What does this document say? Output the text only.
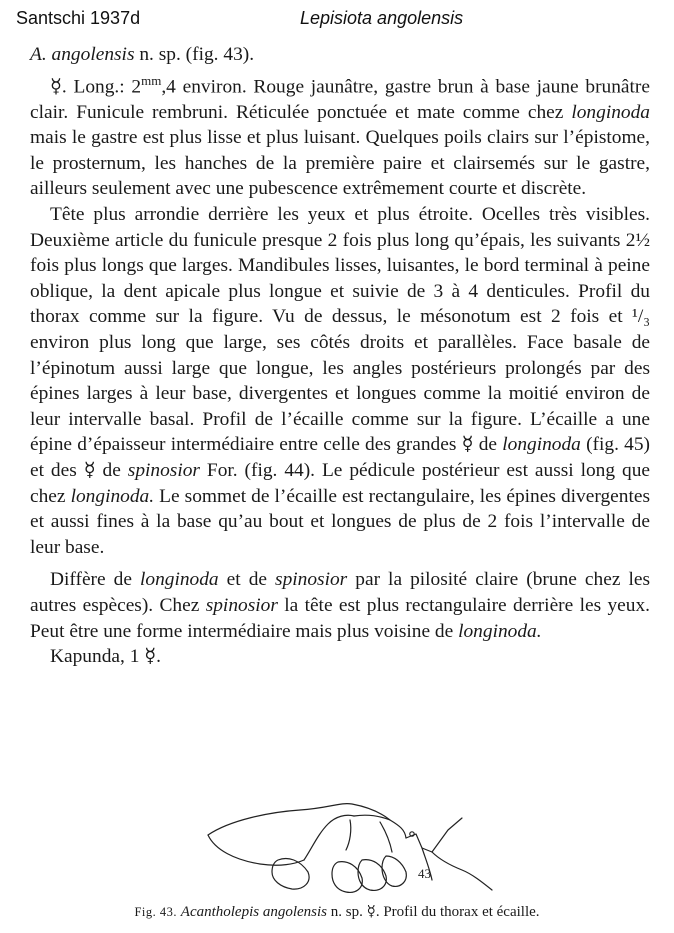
Santschi 1937d	Lepisiota angolensis

A. angolensis n. sp. (fig. 43).

☿. Long.: $2^{mm},4$ environ. Rouge jaunâtre, gastre brun à base jaune brunâtre clair. Funicule rembruni. Réticulée ponctuée et mate comme chez longinoda mais le gastre est plus lisse et plus luisant. Quelques poils clairs sur l’épistome, le prosternum, les hanches de la première paire et clairsemés sur le gastre, ailleurs seulement avec une pubescence extrêmement courte et discrète.

Tête plus arrondie derrière les yeux et plus étroite. Ocelles très visibles. Deuxième article du funicule presque 2 fois plus long qu’épais, les suivants 2½ fois plus longs que larges. Mandibules lisses, luisantes, le bord terminal à peine oblique, la dent apicale plus longue et suivie de 3 à 4 denticules. Profil du thorax comme sur la figure. Vu de dessus, le mésonotum est 2 fois et ¹/₃ environ plus long que large, ses côtés droits et parallèles. Face basale de l’épinotum aussi large que longue, les angles postérieurs prolongés par des épines larges à leur base, divergentes et longues comme la moitié environ de leur intervalle basal. Profil de l’écaille comme sur la figure. L’écaille a une épine d’épaisseur intermédiaire entre celle des grandes ☿ de longinoda (fig. 45) et des ☿ de spinosior For. (fig. 44). Le pédicule postérieur est aussi long que chez longinoda. Le sommet de l’écaille est rectangulaire, les épines divergentes et aussi fines à la base qu’au bout et longues de plus de 2 fois l’intervalle de leur base.

Diffère de longinoda et de spinosior par la pilosité claire (brune chez les autres espèces). Chez spinosior la tête est plus rectangulaire derrière les yeux. Peut être une forme intermédiaire mais plus voisine de longinoda.

Kapunda, 1 ☿.

43
Fig. 43. Acantholepis angolensis n. sp. ☿. Profil du thorax et écaille.
